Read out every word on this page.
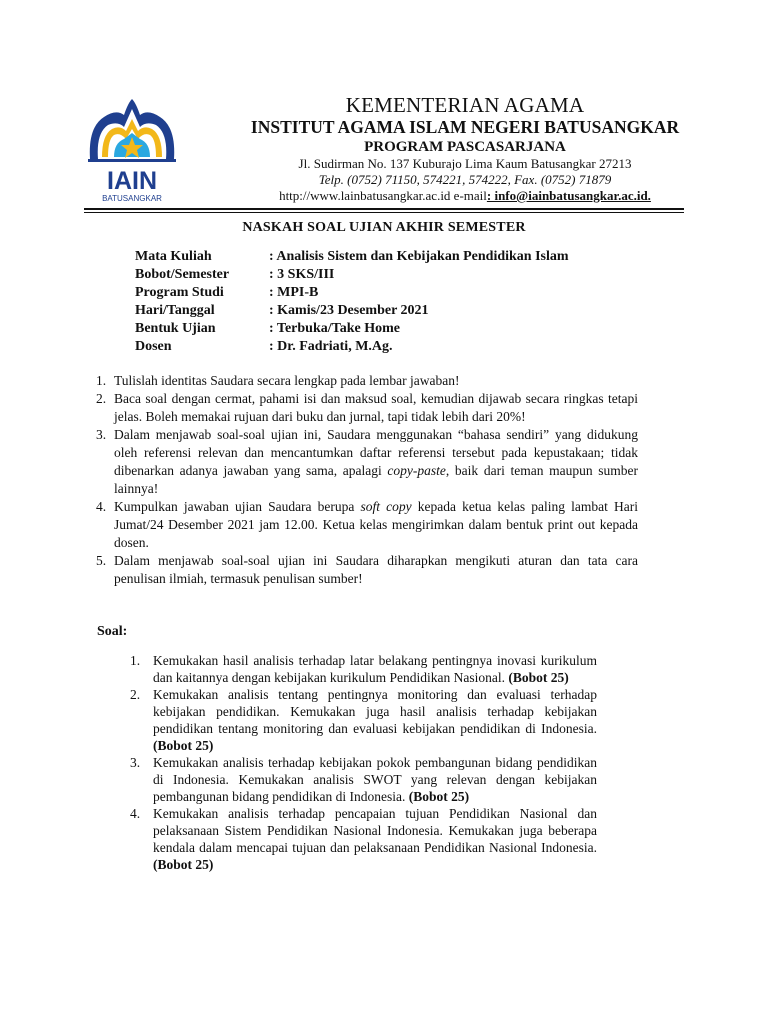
IAIN
BATUSANGKAR
KEMENTERIAN AGAMA
INSTITUT AGAMA ISLAM NEGERI BATUSANGKAR
PROGRAM PASCASARJANA
Jl. Sudirman No. 137 Kuburajo Lima Kaum Batusangkar 27213
Telp. (0752) 71150, 574221, 574222, Fax. (0752) 71879
http://www.lainbatusangkar.ac.id e-mail: info@iainbatusangkar.ac.id.
NASKAH SOAL UJIAN AKHIR SEMESTER
Mata Kuliah	: Analisis Sistem dan Kebijakan Pendidikan Islam
Bobot/Semester	: 3 SKS/III
Program Studi	: MPI-B
Hari/Tanggal	: Kamis/23 Desember 2021
Bentuk Ujian	: Terbuka/Take Home
Dosen	: Dr. Fadriati, M.Ag.
1. Tulislah identitas Saudara secara lengkap pada lembar jawaban!
2. Baca soal dengan cermat, pahami isi dan maksud soal, kemudian dijawab secara ringkas tetapi jelas. Boleh memakai rujuan dari buku dan jurnal, tapi tidak lebih dari 20%!
3. Dalam menjawab soal-soal ujian ini, Saudara menggunakan “bahasa sendiri” yang didukung oleh referensi relevan dan mencantumkan daftar referensi tersebut pada kepustakaan; tidak dibenarkan adanya jawaban yang sama, apalagi copy-paste, baik dari teman maupun sumber lainnya!
4. Kumpulkan jawaban ujian Saudara berupa soft copy kepada ketua kelas paling lambat Hari Jumat/24 Desember 2021 jam 12.00. Ketua kelas mengirimkan dalam bentuk print out kepada dosen.
5. Dalam menjawab soal-soal ujian ini Saudara diharapkan mengikuti aturan dan tata cara penulisan ilmiah, termasuk penulisan sumber!
Soal:
1. Kemukakan hasil analisis terhadap latar belakang pentingnya inovasi kurikulum dan kaitannya dengan kebijakan kurikulum Pendidikan Nasional. (Bobot 25)
2. Kemukakan analisis tentang pentingnya monitoring dan evaluasi terhadap kebijakan pendidikan. Kemukakan juga hasil analisis terhadap kebijakan pendidikan tentang monitoring dan evaluasi kebijakan pendidikan di Indonesia. (Bobot 25)
3. Kemukakan analisis terhadap kebijakan pokok pembangunan bidang pendidikan di Indonesia. Kemukakan analisis SWOT yang relevan dengan kebijakan pembangunan bidang pendidikan di Indonesia. (Bobot 25)
4. Kemukakan analisis terhadap pencapaian tujuan Pendidikan Nasional dan pelaksanaan Sistem Pendidikan Nasional Indonesia. Kemukakan juga beberapa kendala dalam mencapai tujuan dan pelaksanaan Pendidikan Nasional Indonesia. (Bobot 25)
